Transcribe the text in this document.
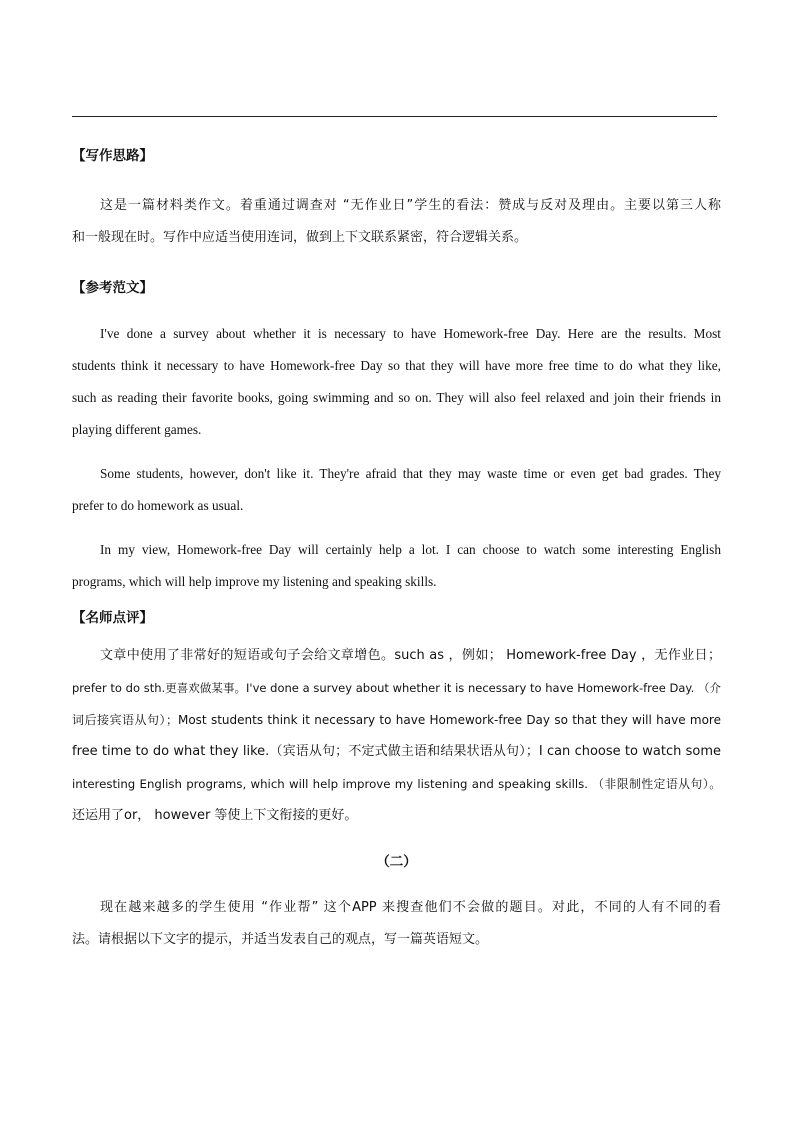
【写作思路】
这是一篇材料类作文。着重通过调查对 “无作业日”学生的看法：赞成与反对及理由。主要以第三人称
和一般现在时。写作中应适当使用连词，做到上下文联系紧密，符合逻辑关系。
【参考范文】
I've done a survey about whether it is necessary to have Homework-free Day. Here are the results. Most
students think it necessary to have Homework-free Day so that they will have more free time to do what they like,
such as reading their favorite books, going swimming and so on. They will also feel relaxed and join their friends in
playing different games.
Some students, however, don't like it. They're afraid that they may waste time or even get bad grades. They
prefer to do homework as usual.
In my view, Homework-free Day will certainly help a lot. I can choose to watch some interesting English
programs, which will help improve my listening and speaking skills.
【名师点评】
文章中使用了非常好的短语或句子会给文章增色。such as ，例如； Homework-free Day ，无作业日；
prefer to do sth.更喜欢做某事。I've done a survey about whether it is necessary to have Homework-free Day. （介
词后接宾语从句）；Most students think it necessary to have Homework-free Day so that they will have more
free time to do what they like.（宾语从句；不定式做主语和结果状语从句）；I can choose to watch some
interesting English programs, which will help improve my listening and speaking skills. （非限制性定语从句）。
还运用了or， however 等使上下文衔接的更好。
（二）
现在越来越多的学生使用 “作业帮” 这个APP 来搜查他们不会做的题目。对此，不同的人有不同的看
法。请根据以下文字的提示，并适当发表自己的观点，写一篇英语短文。
